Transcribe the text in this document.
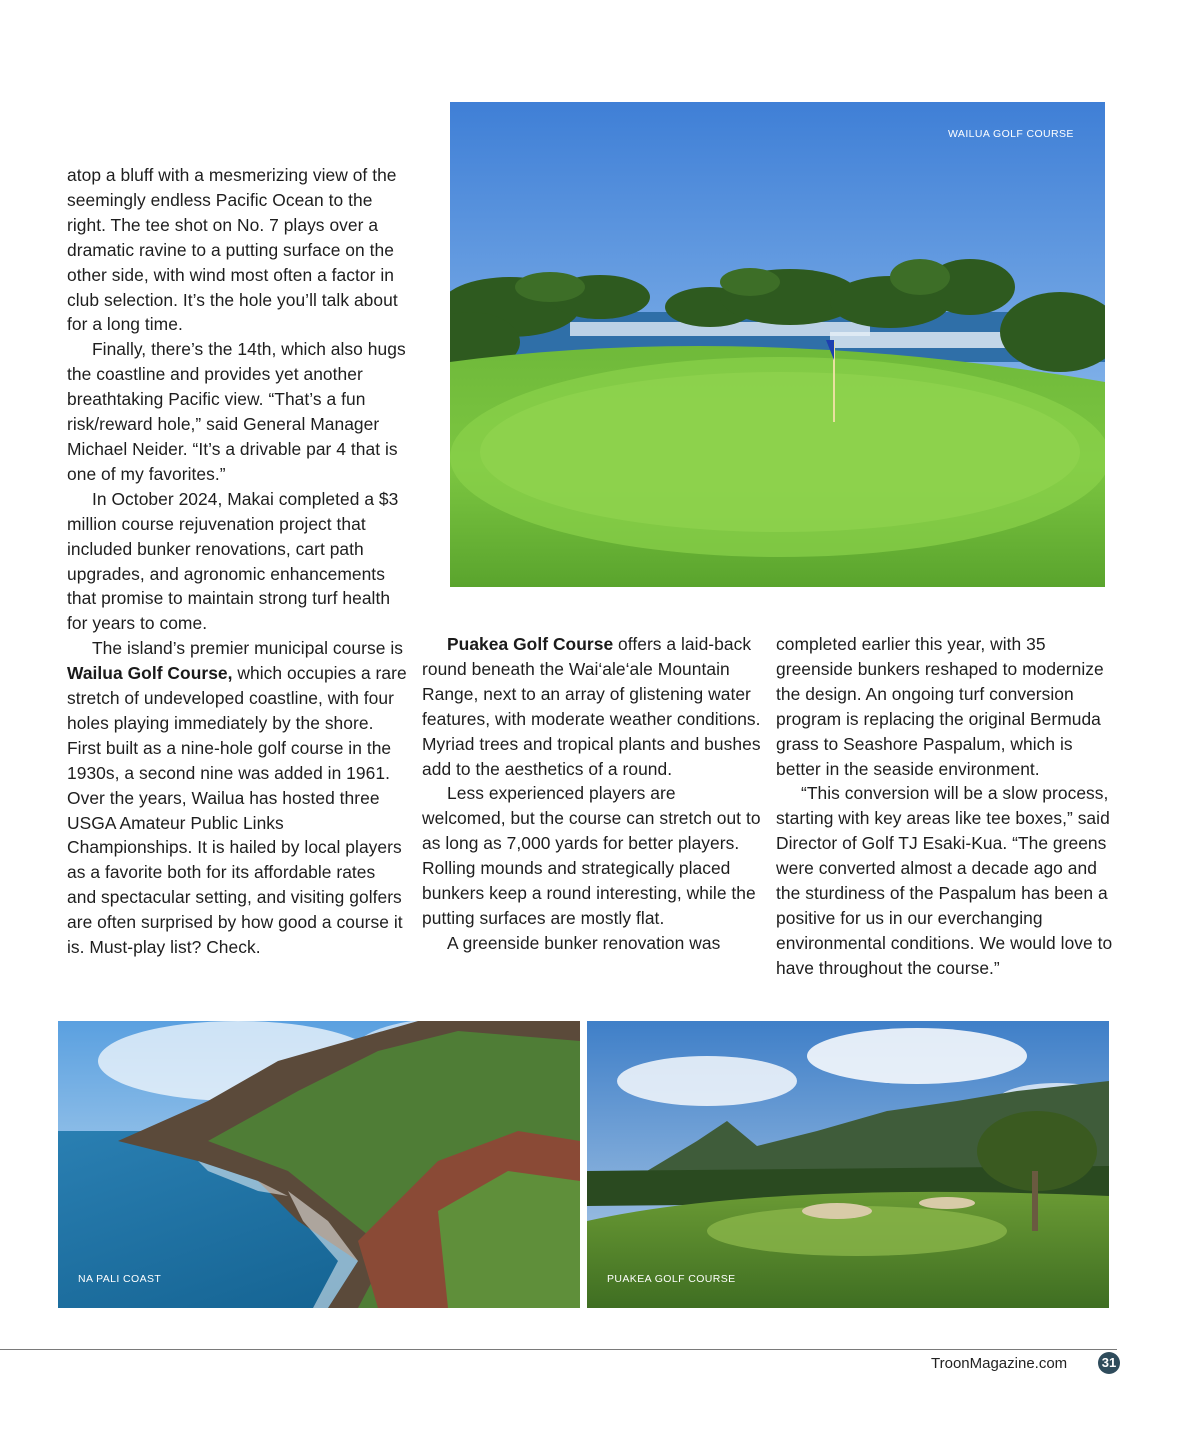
atop a bluff with a mesmerizing view of the seemingly endless Pacific Ocean to the right. The tee shot on No. 7 plays over a dramatic ravine to a putting surface on the other side, with wind most often a factor in club selection. It’s the hole you’ll talk about for a long time.

Finally, there’s the 14th, which also hugs the coastline and provides yet another breathtaking Pacific view. “That’s a fun risk/reward hole,” said General Manager Michael Neider. “It’s a drivable par 4 that is one of my favorites.”

In October 2024, Makai completed a $3 million course rejuvenation project that included bunker renovations, cart path upgrades, and agronomic enhancements that promise to maintain strong turf health for years to come.

The island’s premier municipal course is Wailua Golf Course, which occupies a rare stretch of undeveloped coastline, with four holes playing immediately by the shore. First built as a nine-hole golf course in the 1930s, a second nine was added in 1961. Over the years, Wailua has hosted three USGA Amateur Public Links Championships. It is hailed by local players as a favorite both for its affordable rates and spectacular setting, and visiting golfers are often surprised by how good a course it is. Must-play list? Check.

Puakea Golf Course offers a laid-back round beneath the Wai‘ale‘ale Mountain Range, next to an array of glistening water features, with moderate weather conditions. Myriad trees and tropical plants and bushes add to the aesthetics of a round.

Less experienced players are welcomed, but the course can stretch out to as long as 7,000 yards for better players. Rolling mounds and strategically placed bunkers keep a round interesting, while the putting surfaces are mostly flat.

A greenside bunker renovation was

completed earlier this year, with 35 greenside bunkers reshaped to modernize the design. An ongoing turf conversion program is replacing the original Bermuda grass to Seashore Paspalum, which is better in the seaside environment.

“This conversion will be a slow process, starting with key areas like tee boxes,” said Director of Golf TJ Esaki-Kua. “The greens were converted almost a decade ago and the sturdiness of the Paspalum has been a positive for us in our everchanging environmental conditions. We would love to have throughout the course.”

WAILUA GOLF COURSE
NA PALI COAST	PUAKEA GOLF COURSE
TroonMagazine.com	31
